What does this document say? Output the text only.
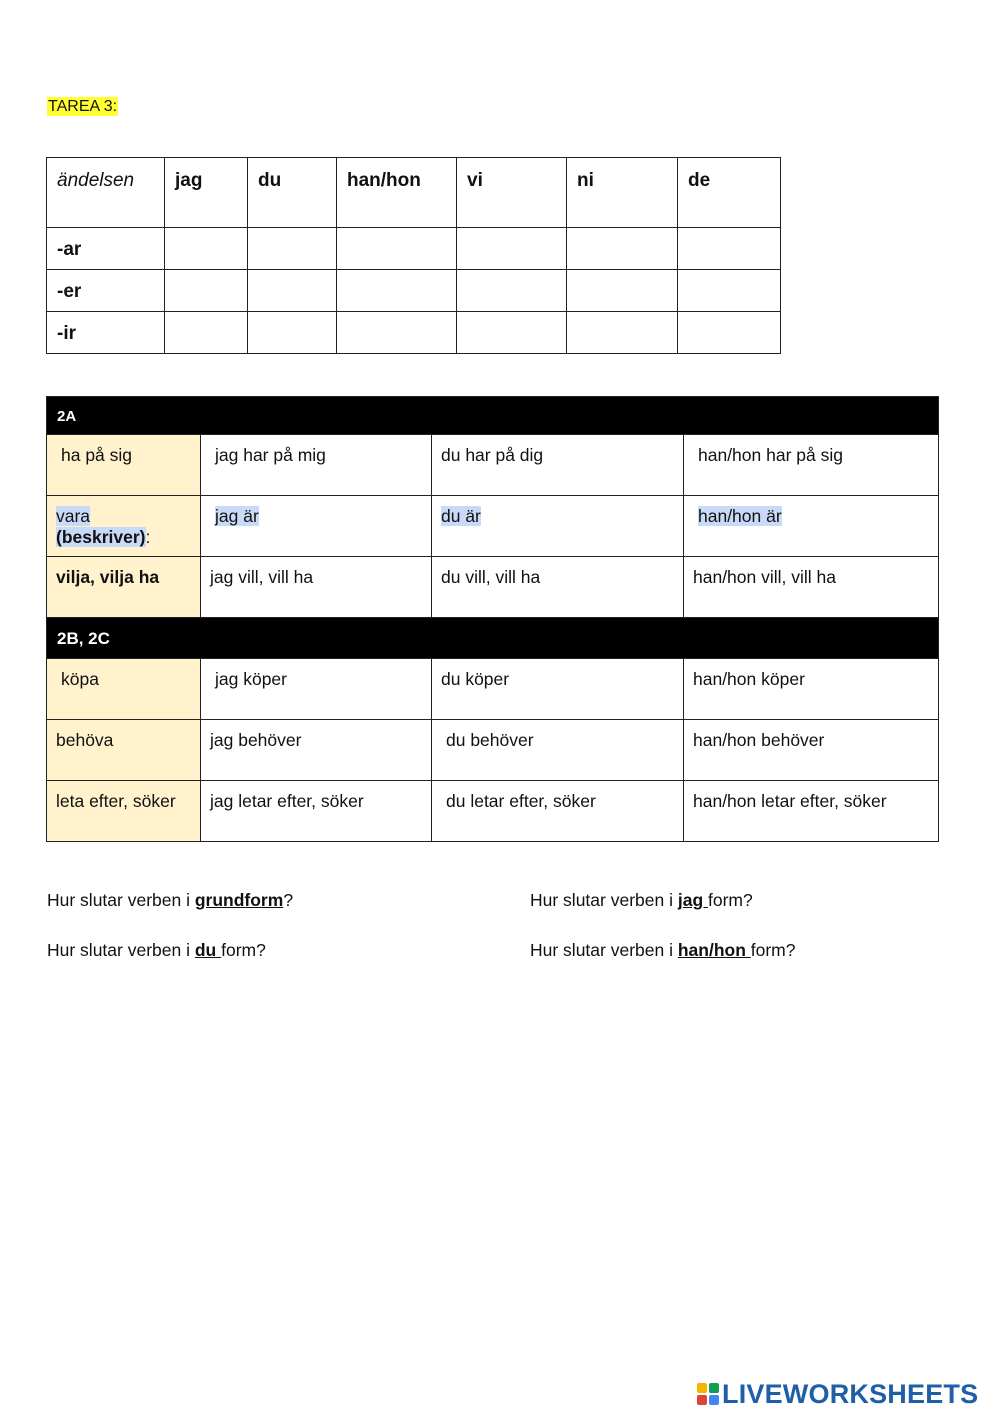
TAREA 3:
ändelsen	jag	du	han/hon	vi	ni	de
-ar						
-er						
-ir						
2A			
ha på sig	jag har på mig	du har på dig	han/hon har på sig
vara
(beskriver):	jag är	du är	han/hon är
vilja, vilja ha	jag vill, vill ha	du vill, vill ha	han/hon vill, vill ha
2B, 2C			
köpa	jag köper	du köper	han/hon köper
behöva	jag behöver	du behöver	han/hon behöver
leta efter, söker	jag letar efter, söker	du letar efter, söker	han/hon letar efter, söker
Hur slutar verben i grundform?	Hur slutar verben i jag form?
Hur slutar verben i du form?	Hur slutar verben i han/hon form?
LIVEWORKSHEETS
